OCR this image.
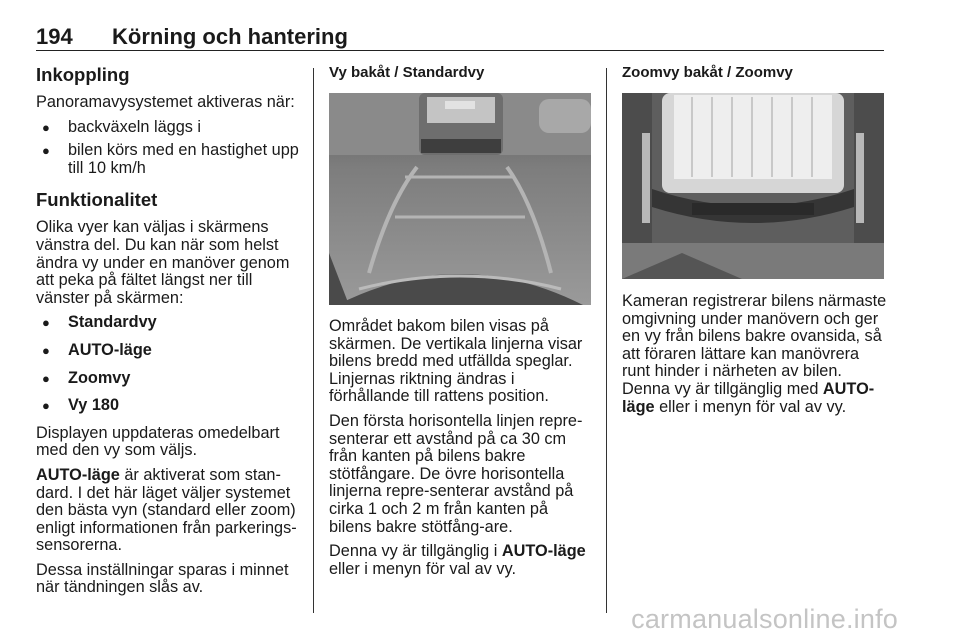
194 Körning och hantering
Inkoppling

Panoramavysystemet aktiveras när:

● backväxeln läggs i
● bilen körs med en hastighet upp till 10 km/h
Funktionalitet

Olika vyer kan väljas i skärmens vänstra del. Du kan när som helst ändra vy under en manöver genom att peka på fältet längst ner till vänster på skärmen:

● Standardvy
● AUTO-läge
● Zoomvy
● Vy 180

Displayen uppdateras omedelbart med den vy som väljs.

AUTO-läge är aktiverat som stan-dard. I det här läget väljer systemet den bästa vyn (standard eller zoom) enligt informationen från parkerings-sensorerna.

Dessa inställningar sparas i minnet när tändningen slås av.

Vy bakåt / Standardvy

Området bakom bilen visas på skärmen. De vertikala linjerna visar bilens bredd med utfällda speglar. Linjernas riktning ändras i förhållande till rattens position.

Den första horisontella linjen repre-senterar ett avstånd på ca 30 cm från kanten på bilens bakre stötfångare. De övre horisontella linjerna repre-senterar avstånd på cirka 1 och 2 m från kanten på bilens bakre stötfång-are.

Denna vy är tillgänglig i AUTO-läge eller i menyn för val av vy.

Zoomvy bakåt / Zoomvy

Kameran registrerar bilens närmaste omgivning under manövern och ger en vy från bilens bakre ovansida, så att föraren lättare kan manövrera runt hinder i närheten av bilen. Denna vy är tillgänglig med AUTO-läge eller i menyn för val av vy.

carmanualsonline.info
